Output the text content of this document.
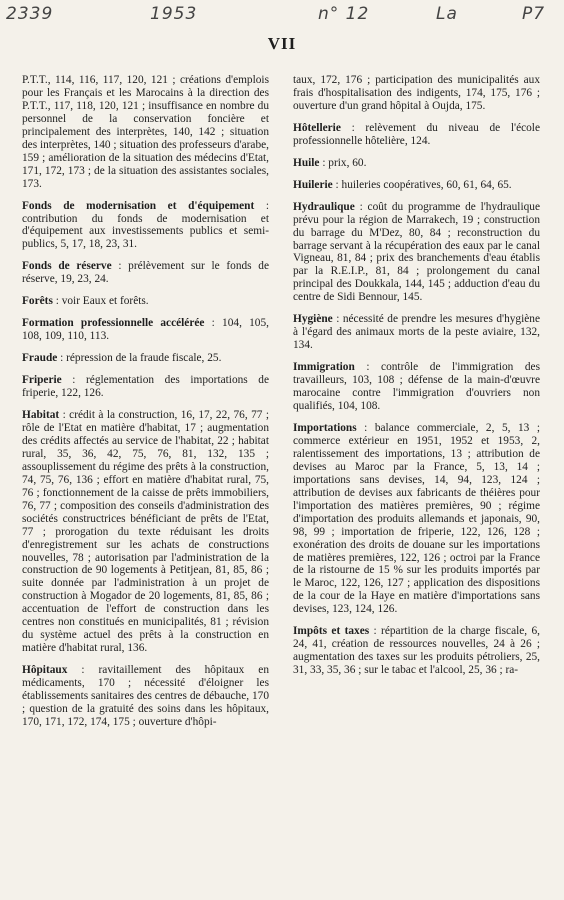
2339	1953	n° 12	La	P7
VII

P.T.T., 114, 116, 117, 120, 121 ; créations d'emplois pour les Français et les Marocains à la direction des P.T.T., 117, 118, 120, 121 ; insuffisance en nombre du personnel de la conservation foncière et principalement des interprètes, 140, 142 ; situation des interprètes, 140 ; situation des professeurs d'arabe, 159 ; amélioration de la situation des médecins d'Etat, 171, 172, 173 ; de la situation des assistantes sociales, 173.

Fonds de modernisation et d'équipement : contribution du fonds de modernisation et d'équipement aux investissements publics et semi-publics, 5, 17, 18, 23, 31.

Fonds de réserve : prélèvement sur le fonds de réserve, 19, 23, 24.

Forêts : voir Eaux et forêts.

Formation professionnelle accélérée : 104, 105, 108, 109, 110, 113.

Fraude : répression de la fraude fiscale, 25.

Friperie : réglementation des importations de friperie, 122, 126.

Habitat : crédit à la construction, 16, 17, 22, 76, 77 ; rôle de l'Etat en matière d'habitat, 17 ; augmentation des crédits affectés au service de l'habitat, 22 ; habitat rural, 35, 36, 42, 75, 76, 81, 132, 135 ; assouplissement du régime des prêts à la construction, 74, 75, 76, 136 ; effort en matière d'habitat rural, 75, 76 ; fonctionnement de la caisse de prêts immobiliers, 76, 77 ; composition des conseils d'administration des sociétés constructrices bénéficiant de prêts de l'Etat, 77 ; prorogation du texte réduisant les droits d'enregistrement sur les achats de constructions nouvelles, 78 ; autorisation par l'administration de la construction de 90 logements à Petitjean, 81, 85, 86 ; suite donnée par l'administration à un projet de construction à Mogador de 20 logements, 81, 85, 86 ; accentuation de l'effort de construction dans les centres non constitués en municipalités, 81 ; révision du système actuel des prêts à la construction en matière d'habitat rural, 136.

Hôpitaux : ravitaillement des hôpitaux en médicaments, 170 ; nécessité d'éloigner les établissements sanitaires des centres de débauche, 170 ; question de la gratuité des soins dans les hôpitaux, 170, 171, 172, 174, 175 ; ouverture d'hôpi-

taux, 172, 176 ; participation des municipalités aux frais d'hospitalisation des indigents, 174, 175, 176 ; ouverture d'un grand hôpital à Oujda, 175.

Hôtellerie : relèvement du niveau de l'école professionnelle hôtelière, 124.

Huile : prix, 60.

Huilerie : huileries coopératives, 60, 61, 64, 65.

Hydraulique : coût du programme de l'hydraulique prévu pour la région de Marrakech, 19 ; construction du barrage du M'Dez, 80, 84 ; reconstruction du barrage servant à la récupération des eaux par le canal Vigneau, 81, 84 ; prix des branchements d'eau établis par la R.E.I.P., 81, 84 ; prolongement du canal principal des Doukkala, 144, 145 ; adduction d'eau du centre de Sidi Bennour, 145.

Hygiène : nécessité de prendre les mesures d'hygiène à l'égard des animaux morts de la peste aviaire, 132, 134.

Immigration : contrôle de l'immigration des travailleurs, 103, 108 ; défense de la main-d'œuvre marocaine contre l'immigration d'ouvriers non qualifiés, 104, 108.

Importations : balance commerciale, 2, 5, 13 ; commerce extérieur en 1951, 1952 et 1953, 2, ralentissement des importations, 13 ; attribution de devises au Maroc par la France, 5, 13, 14 ; importations sans devises, 14, 94, 123, 124 ; attribution de devises aux fabricants de théières pour l'importation des matières premières, 90 ; régime d'importation des produits allemands et japonais, 90, 98, 99 ; importation de friperie, 122, 126, 128 ; exonération des droits de douane sur les importations de matières premières, 122, 126 ; octroi par la France de la ristourne de 15 % sur les produits importés par le Maroc, 122, 126, 127 ; application des dispositions de la cour de la Haye en matière d'importations sans devises, 123, 124, 126.

Impôts et taxes : répartition de la charge fiscale, 6, 24, 41, création de ressources nouvelles, 24 à 26 ; augmentation des taxes sur les produits pétroliers, 25, 31, 33, 35, 36 ; sur le tabac et l'alcool, 25, 36 ; ra-
